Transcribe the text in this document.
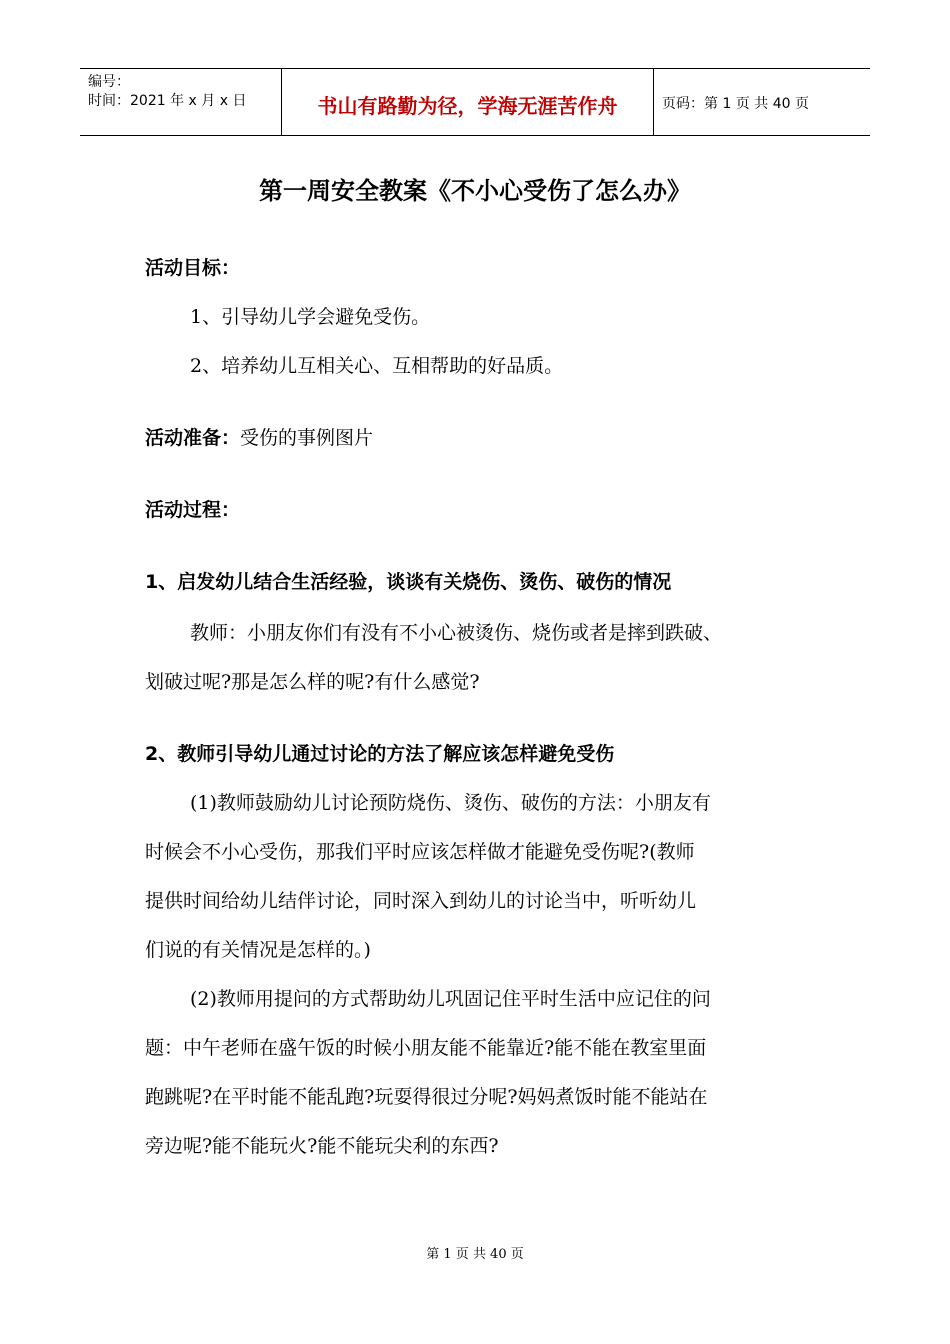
编号：
时间：2021 年 x 月 x 日	书山有路勤为径，学海无涯苦作舟	页码：第 1 页 共 40 页
第一周安全教案《不小心受伤了怎么办》
活动目标：
1、引导幼儿学会避免受伤。
2、培养幼儿互相关心、互相帮助的好品质。
活动准备：受伤的事例图片
活动过程：
1、启发幼儿结合生活经验，谈谈有关烧伤、烫伤、破伤的情况
教师：小朋友你们有没有不小心被烫伤、烧伤或者是摔到跌破、
划破过呢?那是怎么样的呢?有什么感觉?
2、教师引导幼儿通过讨论的方法了解应该怎样避免受伤
(1)教师鼓励幼儿讨论预防烧伤、烫伤、破伤的方法：小朋友有
时候会不小心受伤，那我们平时应该怎样做才能避免受伤呢?(教师
提供时间给幼儿结伴讨论，同时深入到幼儿的讨论当中，听听幼儿
们说的有关情况是怎样的。)
(2)教师用提问的方式帮助幼儿巩固记住平时生活中应记住的问
题：中午老师在盛午饭的时候小朋友能不能靠近?能不能在教室里面
跑跳呢?在平时能不能乱跑?玩耍得很过分呢?妈妈煮饭时能不能站在
旁边呢?能不能玩火?能不能玩尖利的东西?
第 1 页 共 40 页
